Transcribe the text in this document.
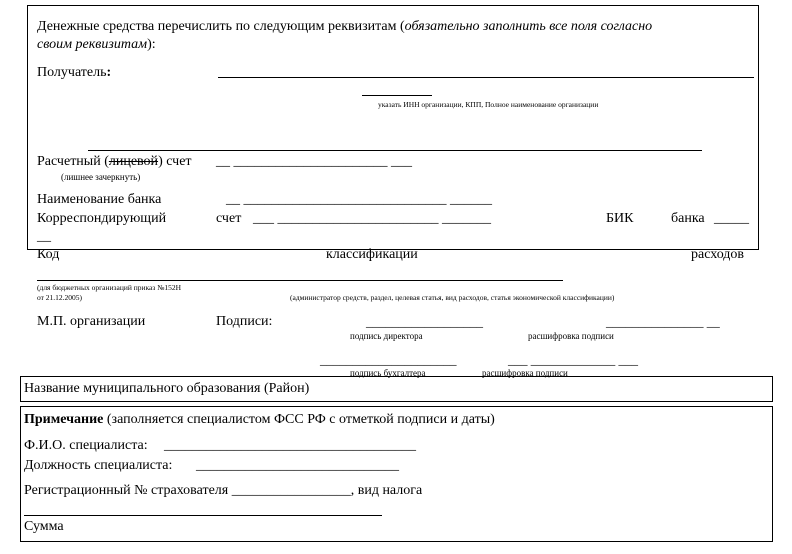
Денежные средства перечислить по следующим реквизитам (обязательно заполнить все поля согласно
своим реквизитам):
Получатель:
указать ИНН организации, КПП, Полное наименование организации
Расчетный (лицевой) счет __ ______________________ ___
(лишнее зачеркнуть)
Наименование банка	__ _____________________________ ______
Корреспондирующий	счет ___ _______________________ _______	БИК	банка _____
__
Код	классификации	расходов
(для бюджетных организаций приказ №152Н
от 21.12.2005)	(администратор средств, раздел, целевая статья, вид расходов, статья экономической классификации)
М.П. организации	Подписи:	__________________	_______________ __
подпись директора	расшифровка подписи
_____________________	___ _____________ ___
подпись бухгалтера	расшифровка подписи
Название муниципального образования (Район)
Примечание (заполняется специалистом ФСС РФ с отметкой подписи и даты)
Ф.И.О. специалиста: ____________________________________
Должность специалиста: _____________________________
Регистрационный № страхователя _________________, вид налога
Сумма
